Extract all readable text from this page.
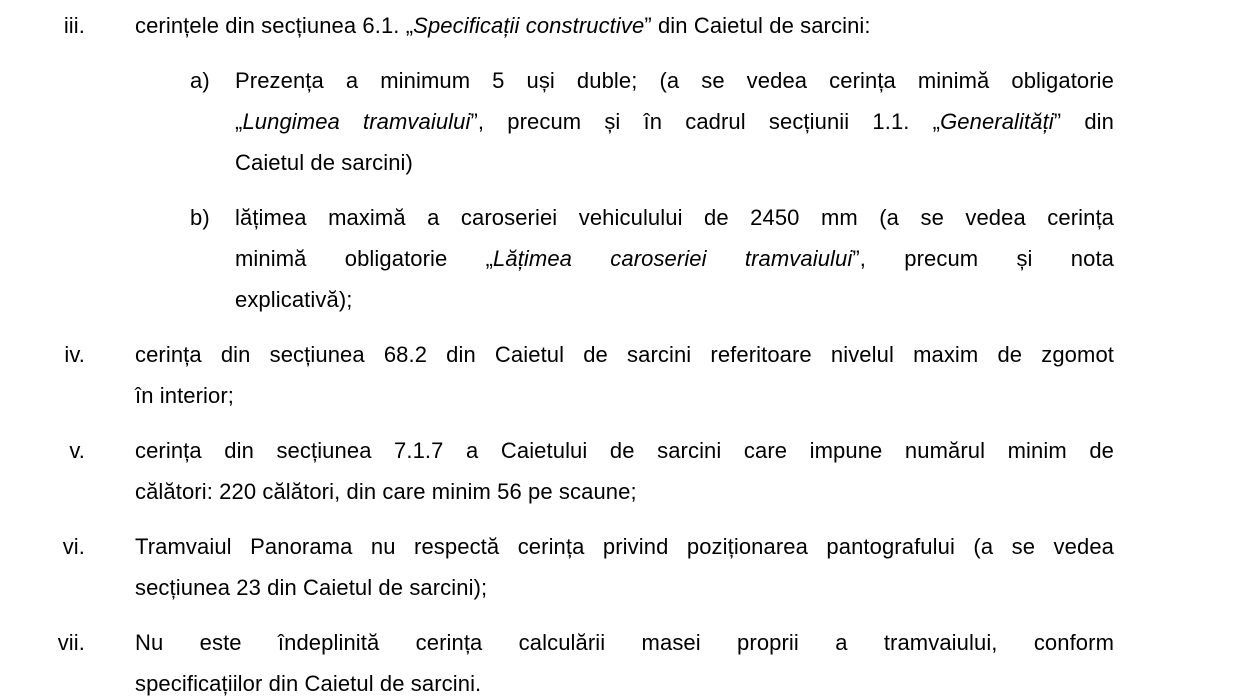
iii. cerințele din secțiunea 6.1. „Specificații constructive” din Caietul de sarcini:
a)	Prezența a minimum 5 uși duble; (a se vedea cerința minimă obligatorie
„Lungimea tramvaiului”, precum și în cadrul secțiunii 1.1. „Generalități” din
Caietul de sarcini)
b)	lățimea maximă a caroseriei vehiculului de 2450 mm (a se vedea cerința
minimă obligatorie „Lățimea caroseriei tramvaiului”, precum și nota
explicativă);
iv. cerința din secțiunea 68.2 din Caietul de sarcini referitoare nivelul maxim de zgomot
în interior;
v. cerința din secțiunea 7.1.7 a Caietului de sarcini care impune numărul minim de
călători: 220 călători, din care minim 56 pe scaune;
vi. Tramvaiul Panorama nu respectă cerința privind poziționarea pantografului (a se vedea
secțiunea 23 din Caietul de sarcini);
vii. Nu este îndeplinită cerința calculării masei proprii a tramvaiului, conform
specificațiilor din Caietul de sarcini.
